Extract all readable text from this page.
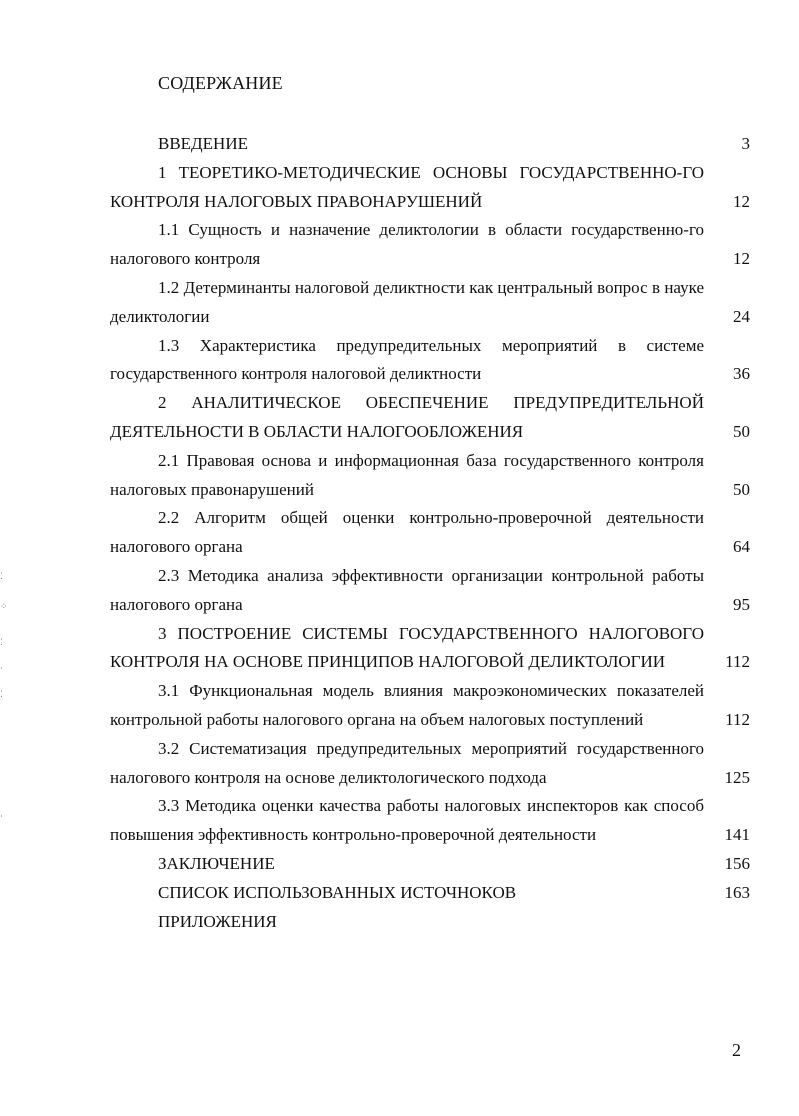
СОДЕРЖАНИЕ
ВВЕДЕНИЕ	3
1 ТЕОРЕТИКО-МЕТОДИЧЕСКИЕ ОСНОВЫ ГОСУДАРСТВЕННО-ГО КОНТРОЛЯ НАЛОГОВЫХ ПРАВОНАРУШЕНИЙ	12
1.1 Сущность и назначение деликтологии в области государственно-го налогового контроля	12
1.2 Детерминанты налоговой деликтности как центральный вопрос в науке деликтологии	24
1.3 Характеристика предупредительных мероприятий в системе государственного контроля налоговой деликтности	36
2 АНАЛИТИЧЕСКОЕ ОБЕСПЕЧЕНИЕ ПРЕДУПРЕДИТЕЛЬНОЙ ДЕЯТЕЛЬНОСТИ В ОБЛАСТИ НАЛОГООБЛОЖЕНИЯ	50
2.1 Правовая основа и информационная база государственного контроля налоговых правонарушений	50
2.2 Алгоритм общей оценки контрольно-проверочной деятельности налогового органа	64
2.3 Методика анализа эффективности организации контрольной работы налогового органа	95
3 ПОСТРОЕНИЕ СИСТЕМЫ ГОСУДАРСТВЕННОГО НАЛОГОВОГО КОНТРОЛЯ НА ОСНОВЕ ПРИНЦИПОВ НАЛОГОВОЙ ДЕЛИКТОЛОГИИ	112
3.1 Функциональная модель влияния макроэкономических показателей контрольной работы налогового органа на объем налоговых поступлений	112
3.2 Систематизация предупредительных мероприятий государственного налогового контроля на основе деликтологического подхода	125
3.3 Методика оценки качества работы налоговых инспекторов как способ повышения эффективность контрольно-проверочной деятельности	141
ЗАКЛЮЧЕНИЕ	156
СПИСОК ИСПОЛЬЗОВАННЫХ ИСТОЧНОКОВ	163
ПРИЛОЖЕНИЯ
⁚
⁘
⁚
·
⁚
·
2
